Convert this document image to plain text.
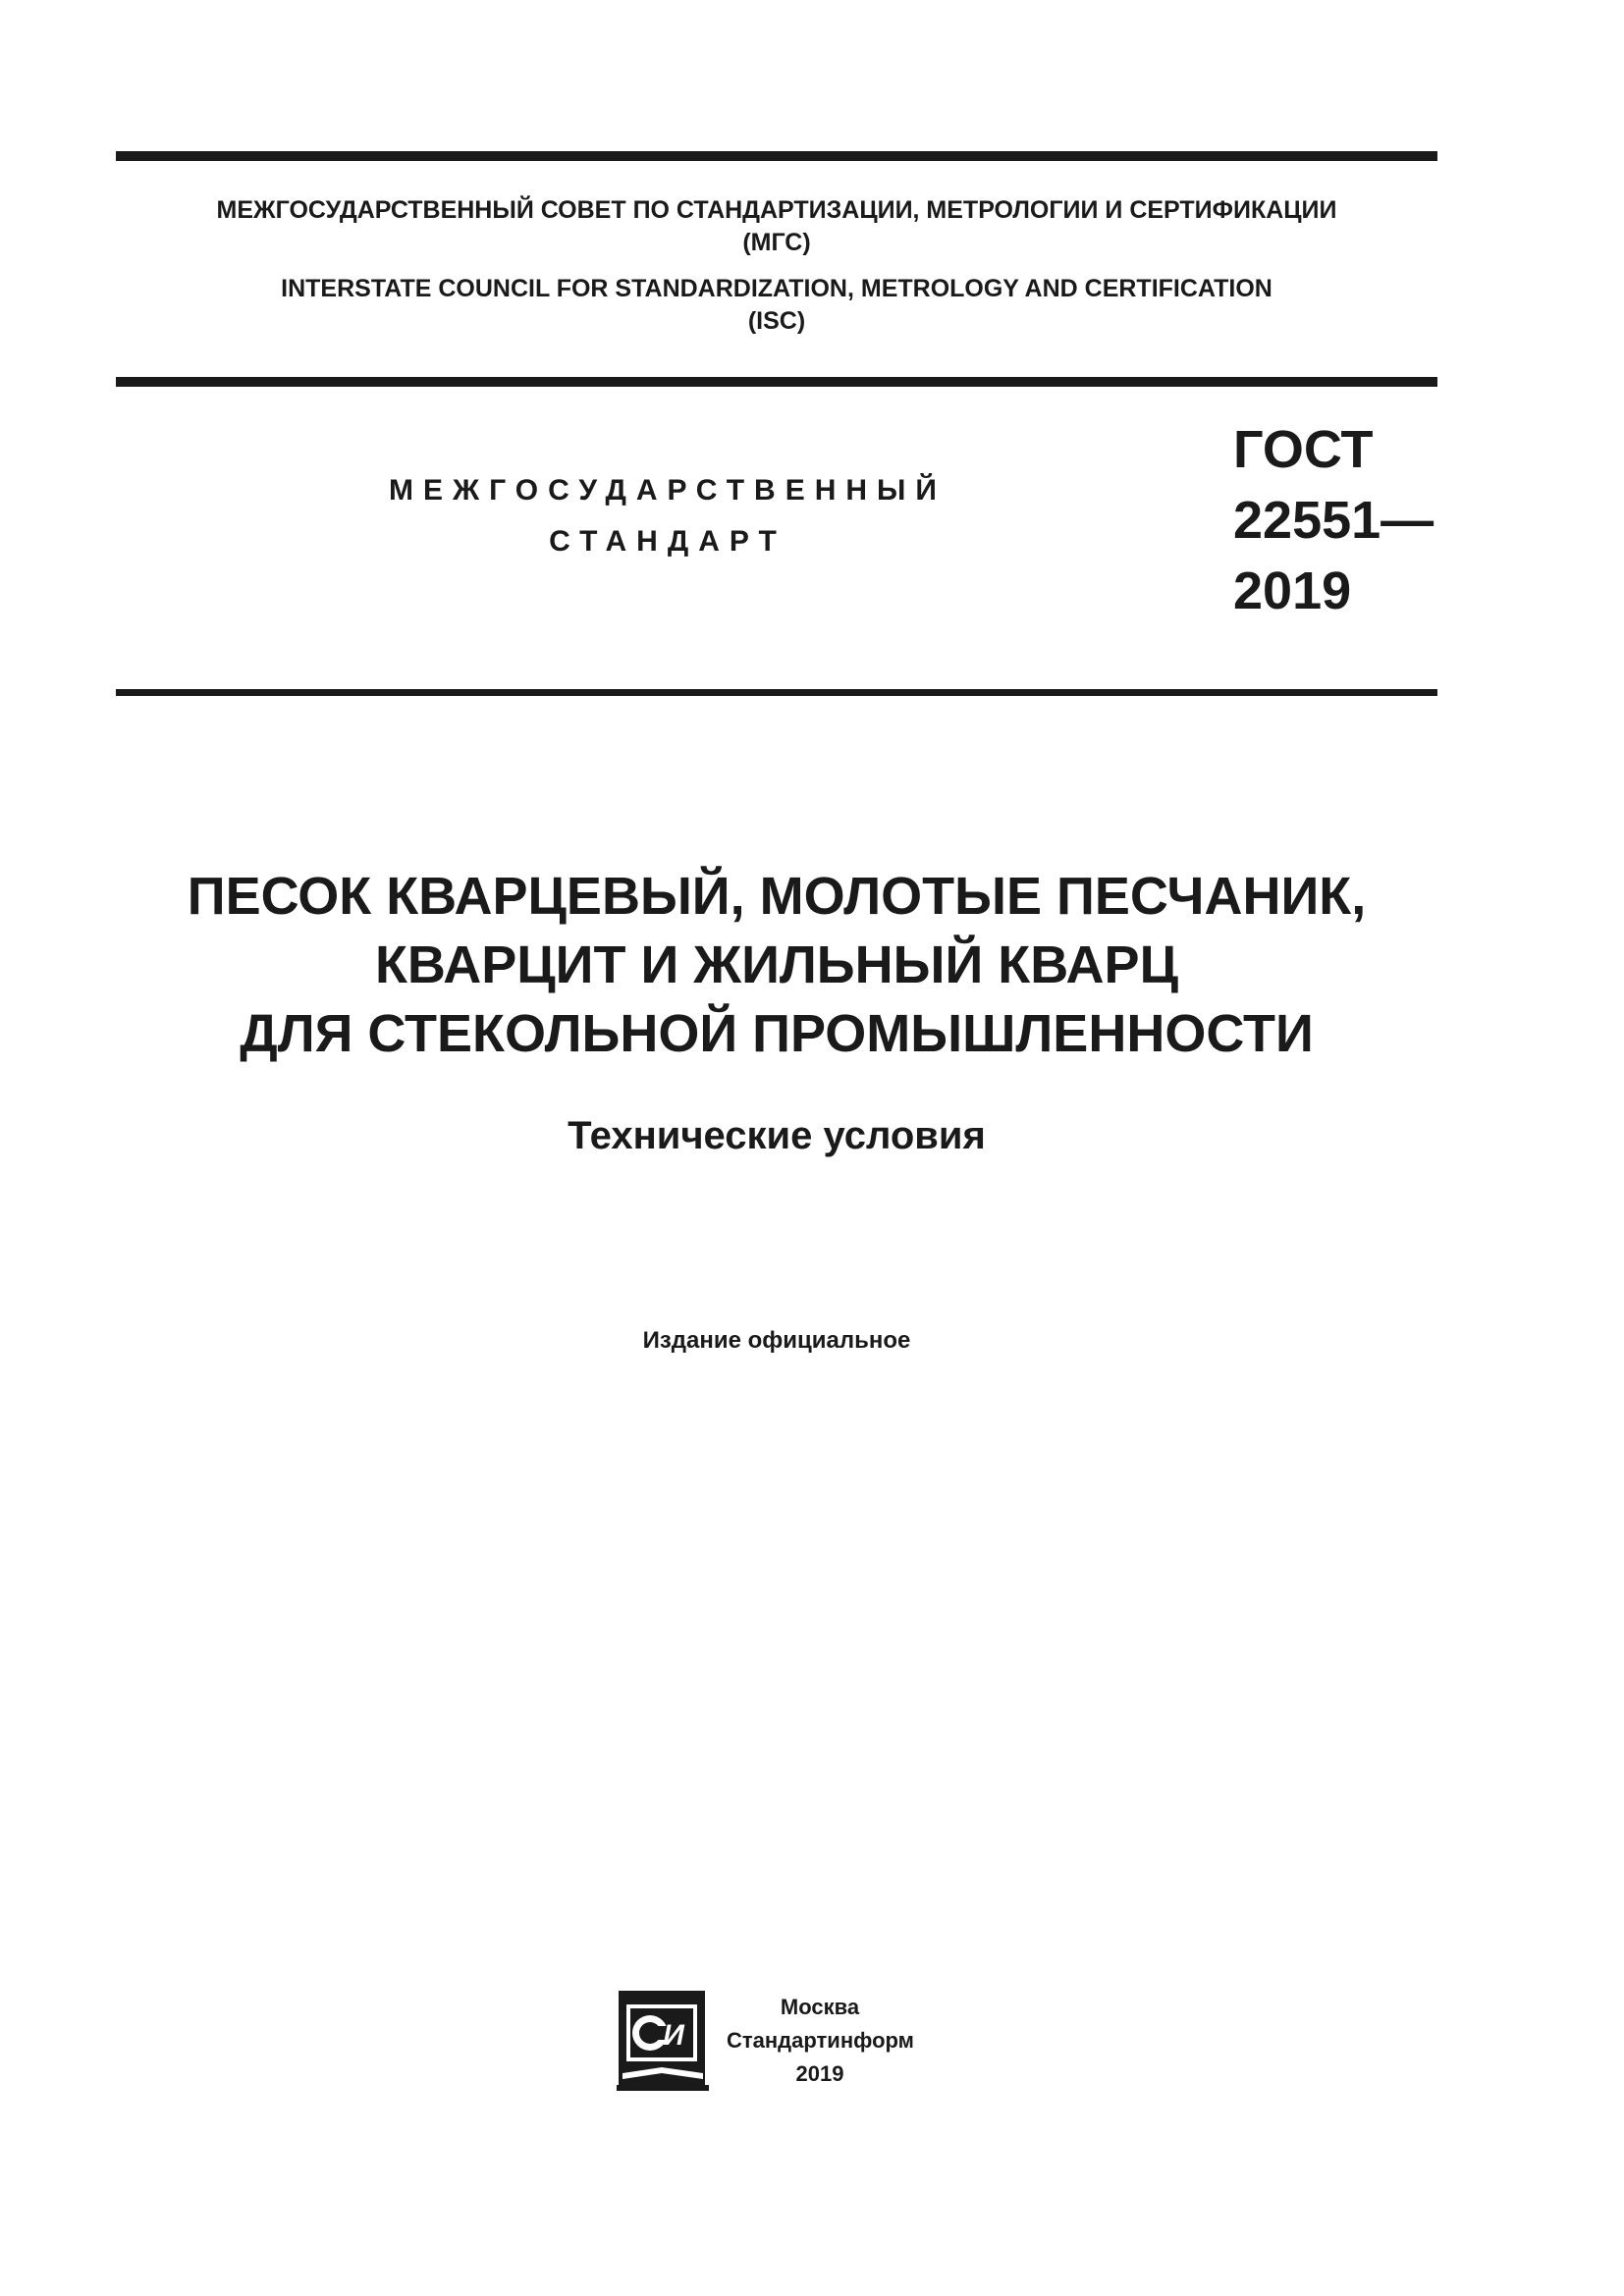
МЕЖГОСУДАРСТВЕННЫЙ СОВЕТ ПО СТАНДАРТИЗАЦИИ, МЕТРОЛОГИИ И СЕРТИФИКАЦИИ
(МГС)
INTERSTATE COUNCIL FOR STANDARDIZATION, METROLOGY AND CERTIFICATION
(ISC)
МЕЖГОСУДАРСТВЕННЫЙ
СТАНДАРТ
ГОСТ
22551—
2019
ПЕСОК КВАРЦЕВЫЙ, МОЛОТЫЕ ПЕСЧАНИК,
КВАРЦИТ И ЖИЛЬНЫЙ КВАРЦ
ДЛЯ СТЕКОЛЬНОЙ ПРОМЫШЛЕННОСТИ
Технические условия
Издание официальное
И
Москва
Стандартинформ
2019
